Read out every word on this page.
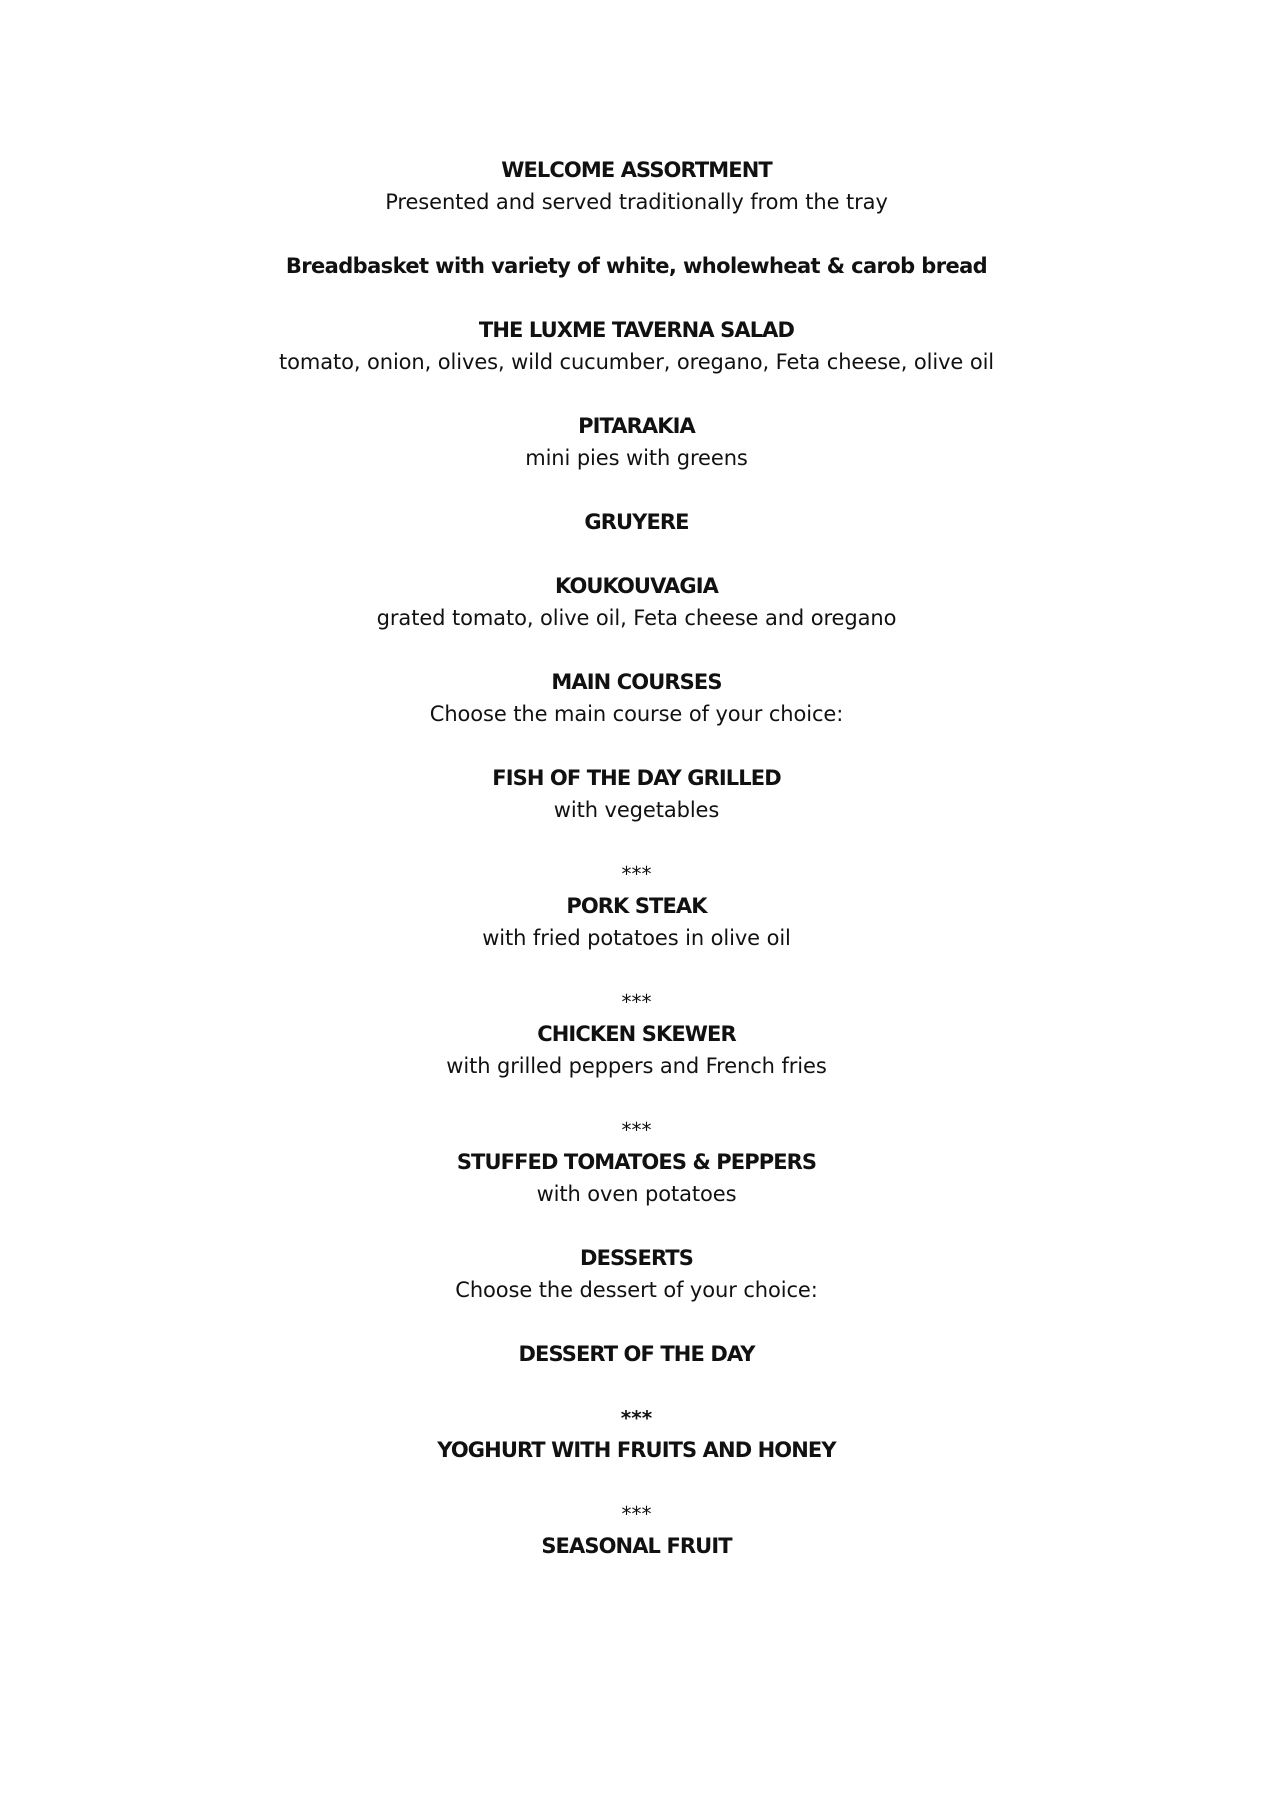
WELCOME ASSORTMENT
Presented and served traditionally from the tray
Breadbasket with variety of white, wholewheat & carob bread
THE LUXME TAVERNA SALAD
tomato, onion, olives, wild cucumber, oregano, Feta cheese, olive oil
PITARAKIA
mini pies with greens
GRUYERE
KOUKOUVAGIA
grated tomato, olive oil, Feta cheese and oregano
MAIN COURSES
Choose the main course of your choice:
FISH OF THE DAY GRILLED
with vegetables
***
PORK STEAK
with fried potatoes in olive oil
***
CHICKEN SKEWER
with grilled peppers and French fries
***
STUFFED TOMATOES & PEPPERS
with oven potatoes
DESSERTS
Choose the dessert of your choice:
DESSERT OF THE DAY
***
YOGHURT WITH FRUITS AND HONEY
***
SEASONAL FRUIT
